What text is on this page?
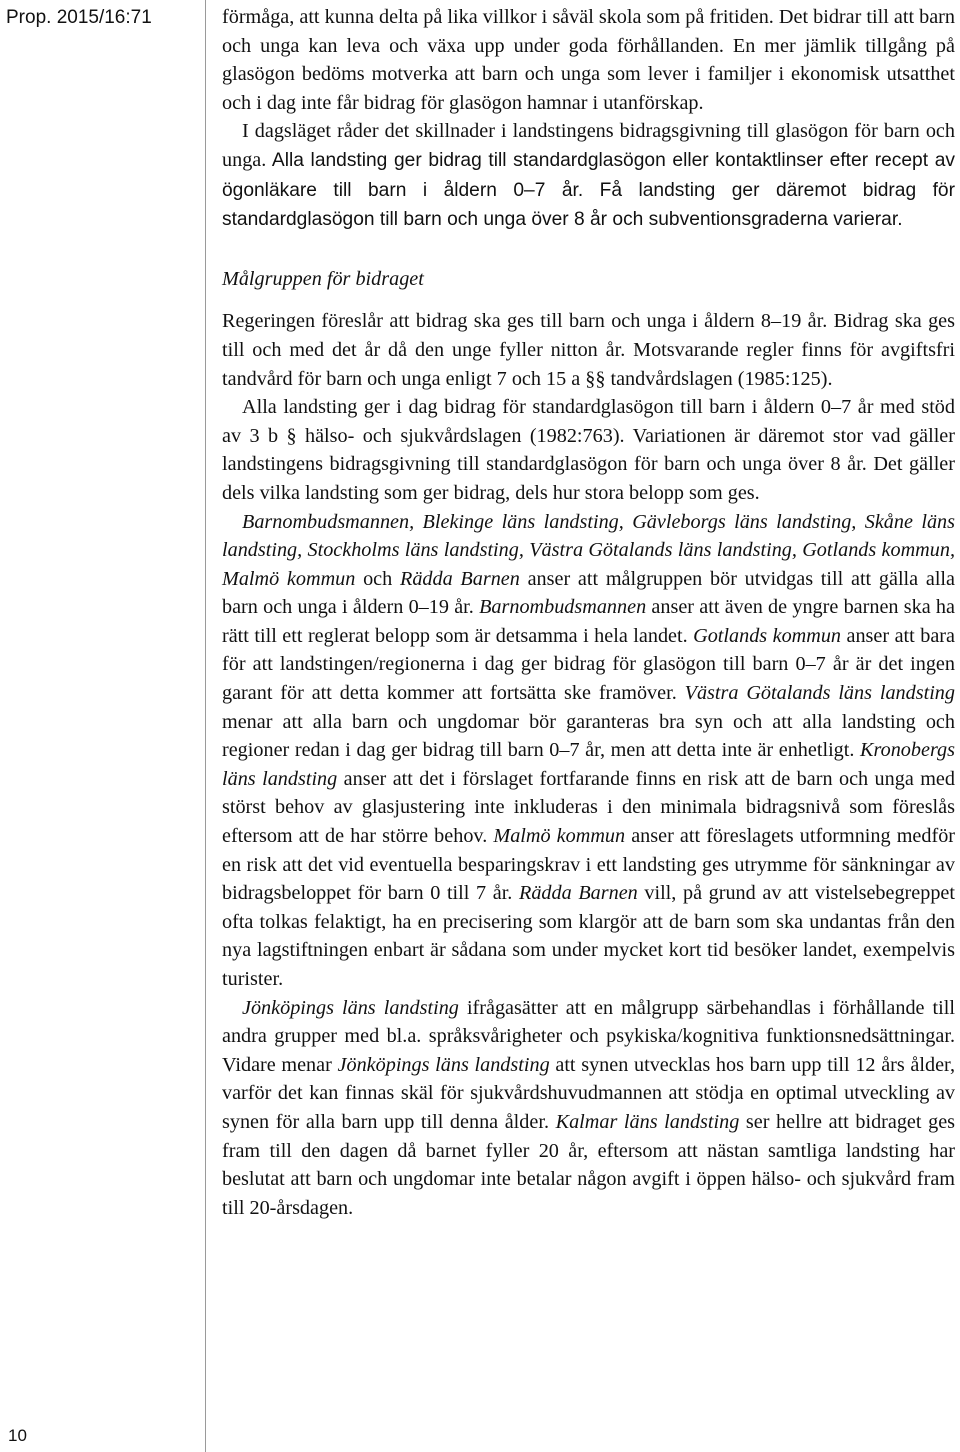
Prop. 2015/16:71
10

förmåga, att kunna delta på lika villkor i såväl skola som på fritiden. Det bidrar till att barn och unga kan leva och växa upp under goda förhållanden. En mer jämlik tillgång på glasögon bedöms motverka att barn och unga som lever i familjer i ekonomisk utsatthet och i dag inte får bidrag för glasögon hamnar i utanförskap.

I dagsläget råder det skillnader i landstingens bidragsgivning till glasögon för barn och unga. Alla landsting ger bidrag till standardglasögon eller kontaktlinser efter recept av ögonläkare till barn i åldern 0–7 år. Få landsting ger däremot bidrag för standardglasögon till barn och unga över 8 år och subventionsgraderna varierar.

Målgruppen för bidraget

Regeringen föreslår att bidrag ska ges till barn och unga i åldern 8–19 år. Bidrag ska ges till och med det år då den unge fyller nitton år. Motsvarande regler finns för avgiftsfri tandvård för barn och unga enligt 7 och 15 a §§ tandvårdslagen (1985:125).

Alla landsting ger i dag bidrag för standardglasögon till barn i åldern 0–7 år med stöd av 3 b § hälso- och sjukvårdslagen (1982:763). Variationen är däremot stor vad gäller landstingens bidragsgivning till standardglasögon för barn och unga över 8 år. Det gäller dels vilka landsting som ger bidrag, dels hur stora belopp som ges.

Barnombudsmannen, Blekinge läns landsting, Gävleborgs läns landsting, Skåne läns landsting, Stockholms läns landsting, Västra Götalands läns landsting, Gotlands kommun, Malmö kommun och Rädda Barnen anser att målgruppen bör utvidgas till att gälla alla barn och unga i åldern 0–19 år. Barnombudsmannen anser att även de yngre barnen ska ha rätt till ett reglerat belopp som är detsamma i hela landet. Gotlands kommun anser att bara för att landstingen/regionerna i dag ger bidrag för glasögon till barn 0–7 år är det ingen garant för att detta kommer att fortsätta ske framöver. Västra Götalands läns landsting menar att alla barn och ungdomar bör garanteras bra syn och att alla landsting och regioner redan i dag ger bidrag till barn 0–7 år, men att detta inte är enhetligt. Kronobergs läns landsting anser att det i förslaget fortfarande finns en risk att de barn och unga med störst behov av glasjustering inte inkluderas i den minimala bidragsnivå som föreslås eftersom att de har större behov. Malmö kommun anser att föreslagets utformning medför en risk att det vid eventuella besparingskrav i ett landsting ges utrymme för sänkningar av bidragsbeloppet för barn 0 till 7 år. Rädda Barnen vill, på grund av att vistelsebegreppet ofta tolkas felaktigt, ha en precisering som klargör att de barn som ska undantas från den nya lagstiftningen enbart är sådana som under mycket kort tid besöker landet, exempelvis turister.

Jönköpings läns landsting ifrågasätter att en målgrupp särbehandlas i förhållande till andra grupper med bl.a. språksvårigheter och psykiska/kognitiva funktionsnedsättningar. Vidare menar Jönköpings läns landsting att synen utvecklas hos barn upp till 12 års ålder, varför det kan finnas skäl för sjukvårdshuvudmannen att stödja en optimal utveckling av synen för alla barn upp till denna ålder. Kalmar läns landsting ser hellre att bidraget ges fram till den dagen då barnet fyller 20 år, eftersom att nästan samtliga landsting har beslutat att barn och ungdomar inte betalar någon avgift i öppen hälso- och sjukvård fram till 20-årsdagen.
